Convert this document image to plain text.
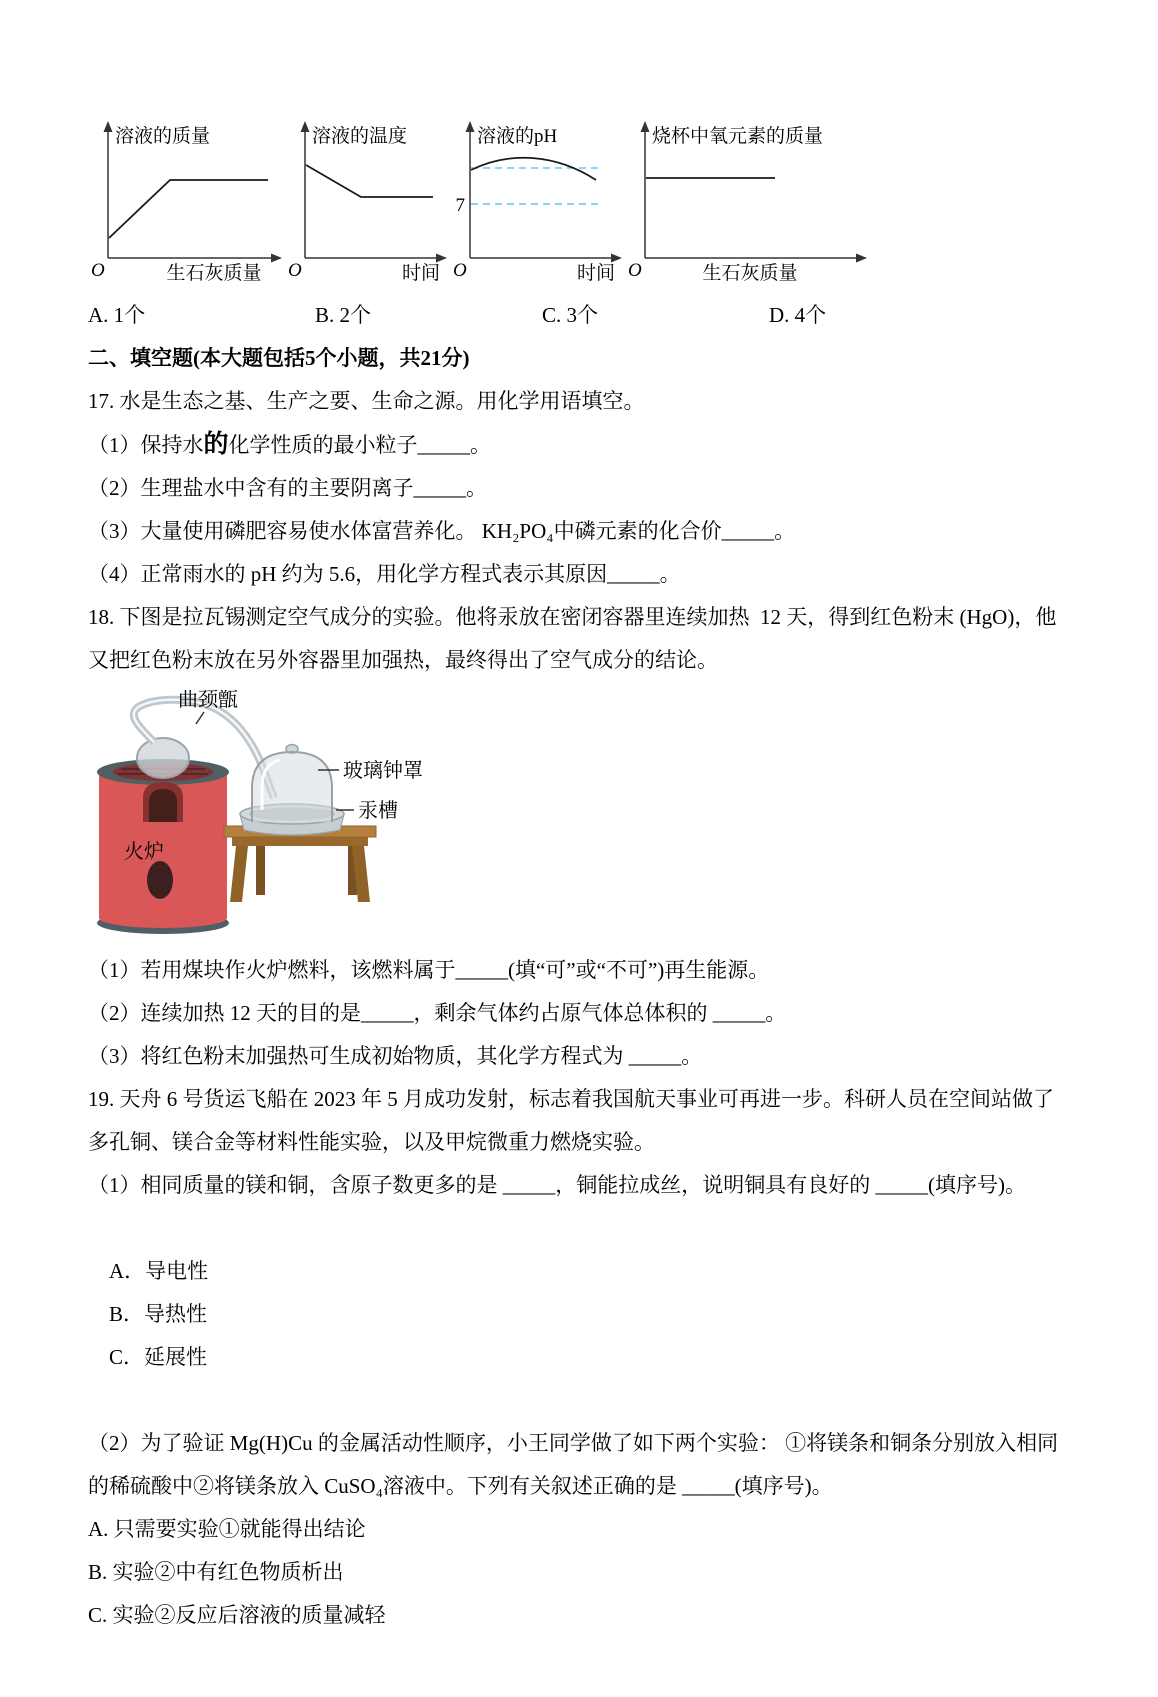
溶液的质量
O	生石灰质量
溶液的温度
O	时间
溶液的pH
7
O	时间
烧杯中氧元素的质量
O	生石灰质量
A. 1个	B. 2个	C. 3个	D. 4个
二、填空题(本大题包括5个小题，共21分)
17. 水是生态之基、生产之要、生命之源。用化学用语填空。
（1）保持水的化学性质的最小粒子_____。
（2）生理盐水中含有的主要阴离子_____。
（3）大量使用磷肥容易使水体富营养化。 KH₂PO₄中磷元素的化合价_____。
（4）正常雨水的 pH 约为 5.6，用化学方程式表示其原因_____。
18. 下图是拉瓦锡测定空气成分的实验。他将汞放在密闭容器里连续加热  12 天，得到红色粉末 (HgO)，他又把红色粉末放在另外容器里加强热，最终得出了空气成分的结论。
曲颈甑
玻璃钟罩
汞槽
火炉
（1）若用煤块作火炉燃料，该燃料属于_____(填“可”或“不可”)再生能源。
（2）连续加热 12 天的目的是_____，剩余气体约占原气体总体积的 _____。
（3）将红色粉末加强热可生成初始物质，其化学方程式为 _____。
19. 天舟 6 号货运飞船在 2023 年 5 月成功发射，标志着我国航天事业可再进一步。科研人员在空间站做了多孔铜、镁合金等材料性能实验，以及甲烷微重力燃烧实验。
（1）相同质量的镁和铜，含原子数更多的是 _____，铜能拉成丝，说明铜具有良好的 _____(填序号)。

A．导电性
B．导热性
C．延展性

（2）为了验证 Mg(H)Cu 的金属活动性顺序，小王同学做了如下两个实验： ①将镁条和铜条分别放入相同的稀硫酸中②将镁条放入 CuSO₄溶液中。下列有关叙述正确的是 _____(填序号)。
A. 只需要实验①就能得出结论
B. 实验②中有红色物质析出
C. 实验②反应后溶液的质量减轻
